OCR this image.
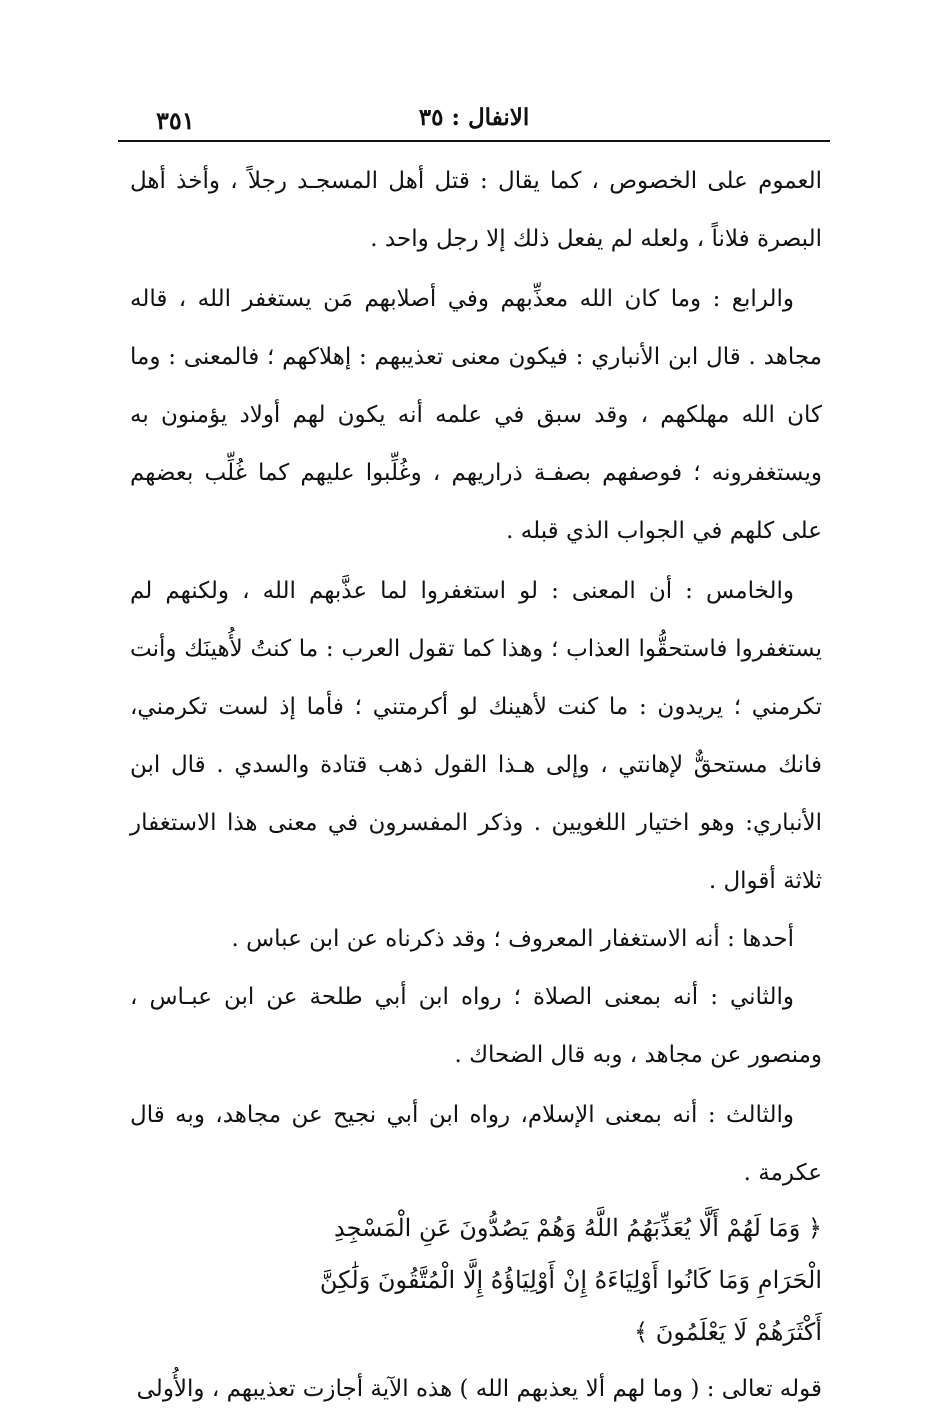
٣٥١	الانفال : ٣٥

العموم على الخصوص ، كما يقال : قتل أهل المسجـد رجلاً ، وأخذ أهل البصرة فلاناً ، ولعله لم يفعل ذلك إلا رجل واحد .

والرابع : وما كان الله معذِّبهم وفي أصلابهم مَن يستغفر الله ، قاله مجاهد . قال ابن الأنباري : فيكون معنى تعذيبهم : إهلاكهم ؛ فالمعنى : وما كان الله مهلكهم ، وقد سبق في علمه أنه يكون لهم أولاد يؤمنون به ويستغفرونه ؛ فوصفهم بصفـة ذراريهم ، وغُلِّبوا عليهم كما غُلِّب بعضهم على كلهم في الجواب الذي قبله .

والخامس : أن المعنى : لو استغفروا لما عذَّبهم الله ، ولكنهم لم يستغفروا فاستحقُّوا العذاب ؛ وهذا كما تقول العرب : ما كنتُ لأُهينَك وأنت تكرمني ؛ يريدون : ما كنت لأهينك لو أكرمتني ؛ فأما إذ لست تكرمني، فانك مستحقٌّ لإهانتي ، وإلى هـذا القول ذهب قتادة والسدي . قال ابن الأنباري: وهو اختيار اللغويين . وذكر المفسرون في معنى هذا الاستغفار ثلاثة أقوال .

أحدها : أنه الاستغفار المعروف ؛ وقد ذكرناه عن ابن عباس .

والثاني : أنه بمعنى الصلاة ؛ رواه ابن أبي طلحة عن ابن عبـاس ، ومنصور عن مجاهد ، وبه قال الضحاك .

والثالث : أنه بمعنى الإسلام، رواه ابن أبي نجيح عن مجاهد، وبه قال عكرمة .

﴿ وَمَا لَهُمْ أَلَّا يُعَذِّبَهُمُ اللَّهُ وَهُمْ يَصُدُّونَ عَنِ الْمَسْجِدِ

الْحَرَامِ وَمَا كَانُوا أَوْلِيَاءَهُ إِنْ أَوْلِيَاؤُهُ إِلَّا الْمُتَّقُونَ وَلَٰكِنَّ

أَكْثَرَهُمْ لَا يَعْلَمُونَ ﴾

قوله تعالى : ( وما لهم ألا يعذبهم الله ) هذه الآية أجازت تعذيبهم ، والأُولى
